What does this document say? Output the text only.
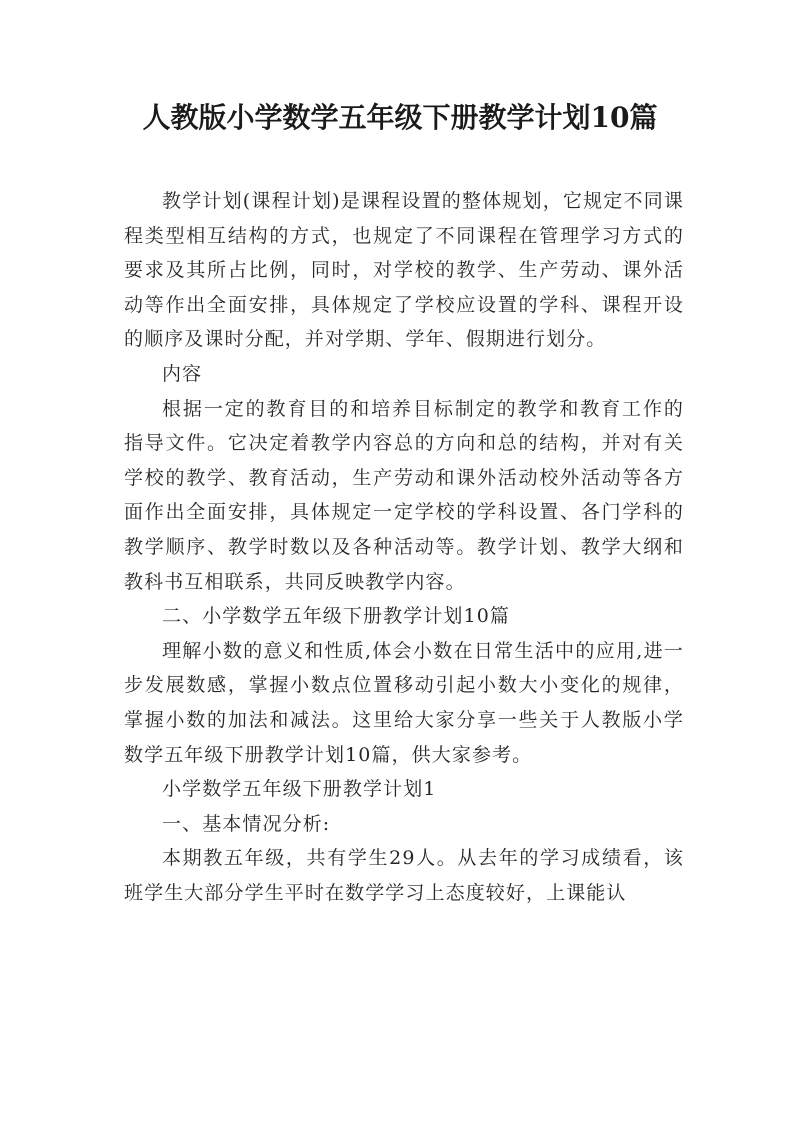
人教版小学数学五年级下册教学计划10篇

教学计划(课程计划)是课程设置的整体规划，它规定不同课程类型相互结构的方式，也规定了不同课程在管理学习方式的要求及其所占比例，同时，对学校的教学、生产劳动、课外活动等作出全面安排，具体规定了学校应设置的学科、课程开设的顺序及课时分配，并对学期、学年、假期进行划分。

内容

根据一定的教育目的和培养目标制定的教学和教育工作的指导文件。它决定着教学内容总的方向和总的结构，并对有关学校的教学、教育活动，生产劳动和课外活动校外活动等各方面作出全面安排，具体规定一定学校的学科设置、各门学科的教学顺序、教学时数以及各种活动等。教学计划、教学大纲和教科书互相联系，共同反映教学内容。

二、小学数学五年级下册教学计划10篇

理解小数的意义和性质,体会小数在日常生活中的应用,进一步发展数感，掌握小数点位置移动引起小数大小变化的规律，掌握小数的加法和减法。这里给大家分享一些关于人教版小学数学五年级下册教学计划10篇，供大家参考。

小学数学五年级下册教学计划1

一、基本情况分析:

本期教五年级，共有学生29人。从去年的学习成绩看，该班学生大部分学生平时在数学学习上态度较好，上课能认
